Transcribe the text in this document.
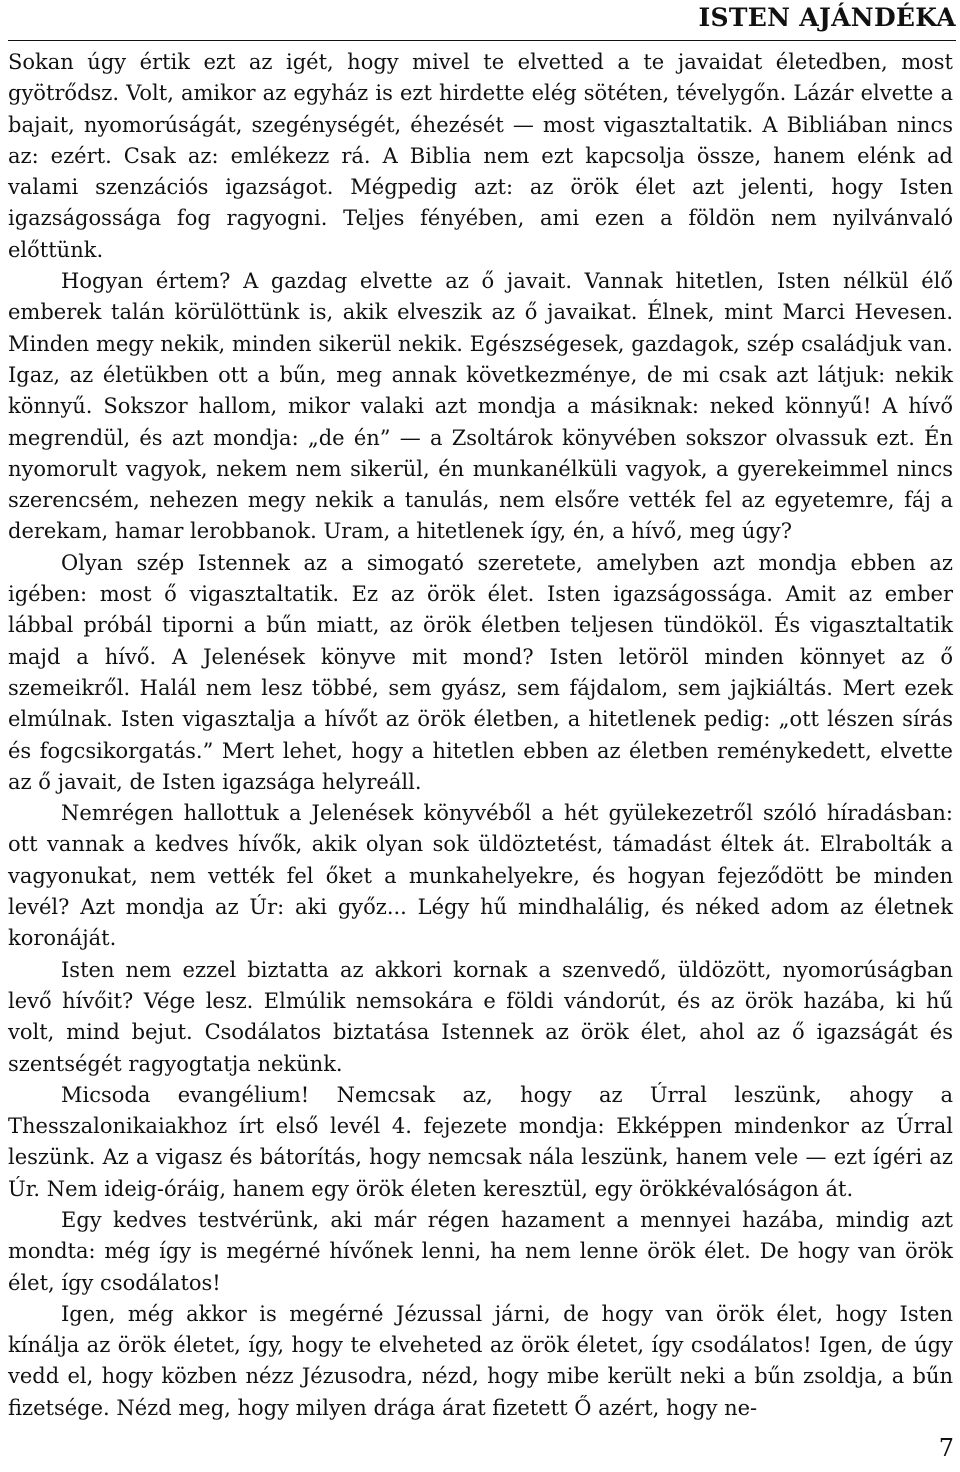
ISTEN AJÁNDÉKA

Sokan úgy értik ezt az igét, hogy mivel te elvetted a te javaidat életedben, most gyötrődsz. Volt, amikor az egyház is ezt hirdette elég sötéten, tévelygőn. Lázár elvette a bajait, nyomorúságát, szegénységét, éhezését — most vigasztaltatik. A Bibliában nincs az: ezért. Csak az: emlékezz rá. A Biblia nem ezt kapcsolja össze, hanem elénk ad valami szenzációs igazságot. Mégpedig azt: az örök élet azt jelenti, hogy Isten igazságossága fog ragyogni. Teljes fényében, ami ezen a földön nem nyilvánvaló előttünk.

Hogyan értem? A gazdag elvette az ő javait. Vannak hitetlen, Isten nélkül élő emberek talán körülöttünk is, akik elveszik az ő javaikat. Élnek, mint Marci Hevesen. Minden megy nekik, minden sikerül nekik. Egészségesek, gazdagok, szép családjuk van. Igaz, az életükben ott a bűn, meg annak következménye, de mi csak azt látjuk: nekik könnyű. Sokszor hallom, mikor valaki azt mondja a másiknak: neked könnyű! A hívő megrendül, és azt mondja: „de én” — a Zsoltárok könyvében sokszor olvassuk ezt. Én nyomorult vagyok, nekem nem sikerül, én munkanélküli vagyok, a gyerekeimmel nincs szerencsém, nehezen megy nekik a tanulás, nem elsőre vették fel az egyetemre, fáj a derekam, hamar lerobbanok. Uram, a hitetlenek így, én, a hívő, meg úgy?

Olyan szép Istennek az a simogató szeretete, amelyben azt mondja ebben az igében: most ő vigasztaltatik. Ez az örök élet. Isten igazságossága. Amit az ember lábbal próbál tiporni a bűn miatt, az örök életben teljesen tündököl. És vigasztaltatik majd a hívő. A Jelenések könyve mit mond? Isten letöröl minden könnyet az ő szemeikről. Halál nem lesz többé, sem gyász, sem fájdalom, sem jajkiáltás. Mert ezek elmúlnak. Isten vigasztalja a hívőt az örök életben, a hitetlenek pedig: „ott lészen sírás és fogcsikorgatás.” Mert lehet, hogy a hitetlen ebben az életben reménykedett, elvette az ő javait, de Isten igazsága helyreáll.

Nemrégen hallottuk a Jelenések könyvéből a hét gyülekezetről szóló híradásban: ott vannak a kedves hívők, akik olyan sok üldöztetést, támadást éltek át. Elrabolták a vagyonukat, nem vették fel őket a munkahelyekre, és hogyan fejeződött be minden levél? Azt mondja az Úr: aki győz... Légy hű mindhalálig, és néked adom az életnek koronáját.

Isten nem ezzel biztatta az akkori kornak a szenvedő, üldözött, nyomorúságban levő hívőit? Vége lesz. Elmúlik nemsokára e földi vándorút, és az örök hazába, ki hű volt, mind bejut. Csodálatos biztatása Istennek az örök élet, ahol az ő igazságát és szentségét ragyogtatja nekünk.

Micsoda evangélium! Nemcsak az, hogy az Úrral leszünk, ahogy a Thesszalonikaiakhoz írt első levél 4. fejezete mondja: Ekképpen mindenkor az Úrral leszünk. Az a vigasz és bátorítás, hogy nemcsak nála leszünk, hanem vele — ezt ígéri az Úr. Nem ideig-óráig, hanem egy örök életen keresztül, egy örökkévalóságon át.

Egy kedves testvérünk, aki már régen hazament a mennyei hazába, mindig azt mondta: még így is megérné hívőnek lenni, ha nem lenne örök élet. De hogy van örök élet, így csodálatos!

Igen, még akkor is megérné Jézussal járni, de hogy van örök élet, hogy Isten kínálja az örök életet, így, hogy te elveheted az örök életet, így csodálatos! Igen, de úgy vedd el, hogy közben nézz Jézusodra, nézd, hogy mibe került neki a bűn zsoldja, a bűn fizetsége. Nézd meg, hogy milyen drága árat fizetett Ő azért, hogy ne-

7
